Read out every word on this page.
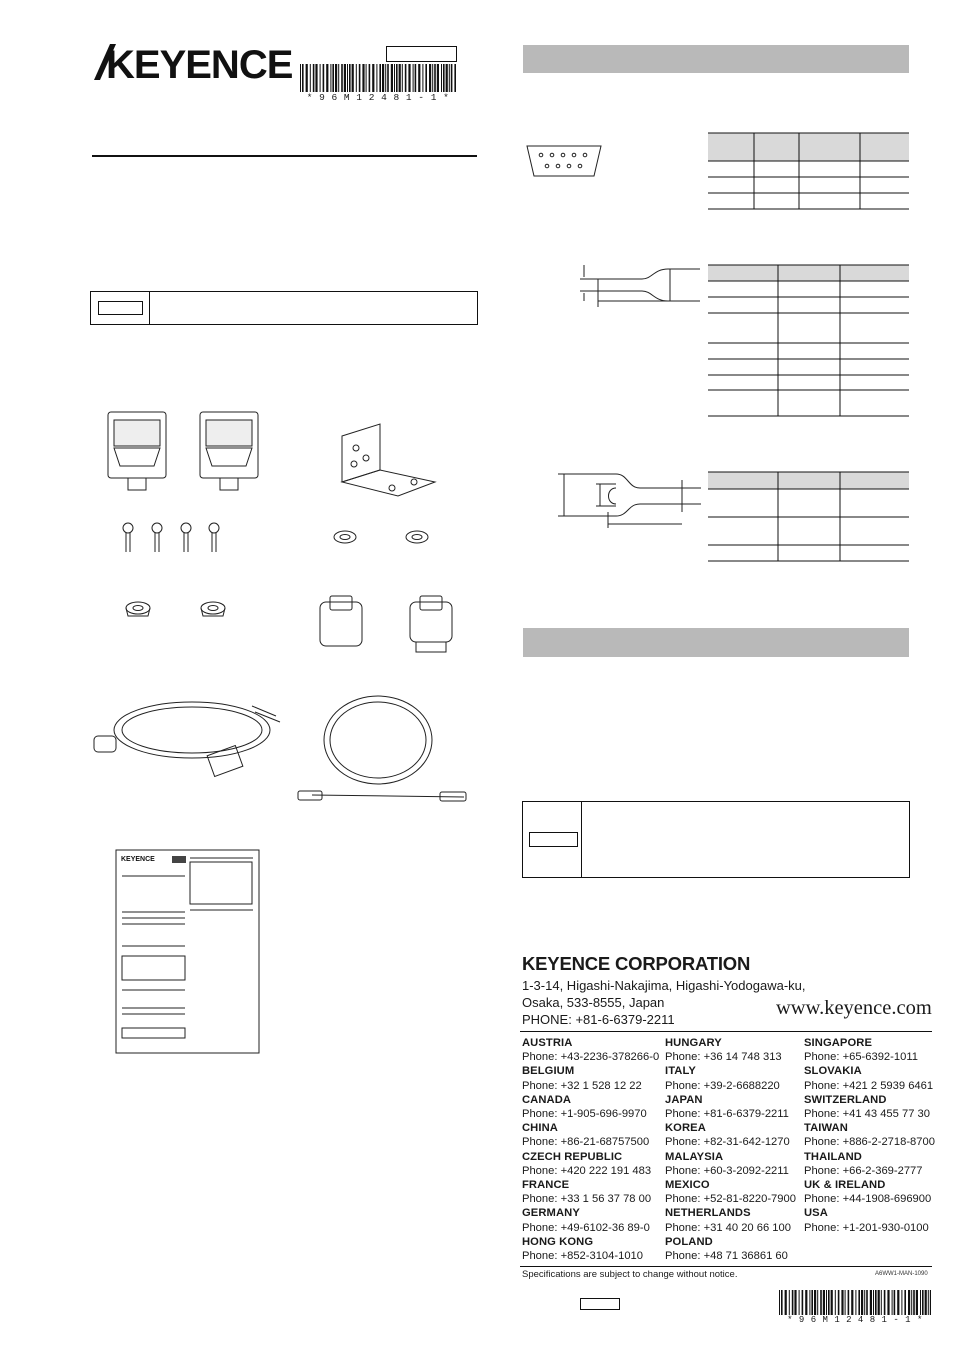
KEYENCE
* 9 6 M 1 2 4 8 1 - 1 *
KEYENCE
KEYENCE CORPORATION
1-3-14, Higashi-Nakajima, Higashi-Yodogawa-ku,
Osaka, 533-8555, Japan
PHONE: +81-6-6379-2211
www.keyence.com
AUSTRIA
Phone: +43-2236-378266-0
BELGIUM
Phone: +32 1 528 12 22
CANADA
Phone: +1-905-696-9970
CHINA
Phone: +86-21-68757500
CZECH REPUBLIC
Phone: +420 222 191 483
FRANCE
Phone: +33 1 56 37 78 00
GERMANY
Phone: +49-6102-36 89-0
HONG KONG
Phone: +852-3104-1010
HUNGARY
Phone: +36 14 748 313
ITALY
Phone: +39-2-6688220
JAPAN
Phone: +81-6-6379-2211
KOREA
Phone: +82-31-642-1270
MALAYSIA
Phone: +60-3-2092-2211
MEXICO
Phone: +52-81-8220-7900
NETHERLANDS
Phone: +31 40 20 66 100
POLAND
Phone: +48 71 36861 60
SINGAPORE
Phone: +65-6392-1011
SLOVAKIA
Phone: +421 2 5939 6461
SWITZERLAND
Phone: +41 43 455 77 30
TAIWAN
Phone: +886-2-2718-8700
THAILAND
Phone: +66-2-369-2777
UK & IRELAND
Phone: +44-1908-696900
USA
Phone: +1-201-930-0100
Specifications are subject to change without notice.	A6WW1-MAN-1090
* 9 6 M 1 2 4 8 1 - 1 *
